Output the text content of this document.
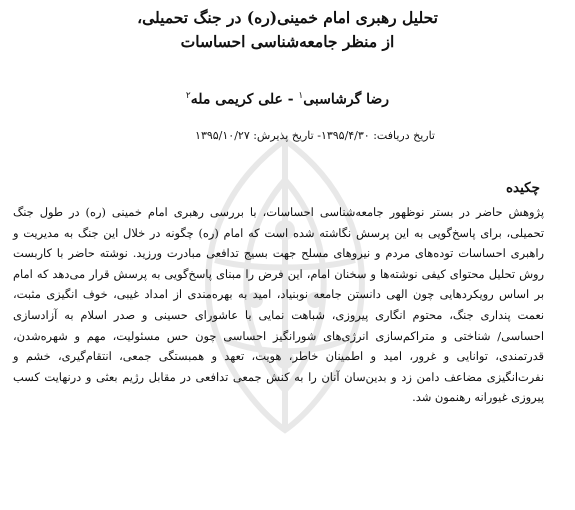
تحلیل رهبری امام خمینی(ره) در جنگ تحمیلی،
از منظر جامعه‌شناسی احساسات
رضا گرشاسبی$^۱$ - علی کریمی مله$^۲$
تاریخ دریافت: ۱۳۹۵/۴/۳۰- تاریخ پذیرش: ۱۳۹۵/۱۰/۲۷
چکیده
پژوهش حاضر در بستر نوظهور جامعه‌شناسی احساسات، با بررسی رهبری امام خمینی (ره) در طول جنگ تحمیلی، برای پاسخ‌گویی به این پرسش نگاشته شده است که امام (ره) چگونه در خلال این جنگ به مدیریت و راهبری احساسات توده‌های مردم و نیروهای مسلح جهت بسیج تدافعی مبادرت ورزید. نوشته حاضر با کاربست روش تحلیل محتوای کیفی نوشته‌ها و سخنان امام، این فرض را مبنای پاسخ‌گویی به پرسش قرار می‌دهد که امام بر اساس رویکردهایی چون الهی دانستن جامعه نوبنیاد، امید به بهره‌مندی از امداد غیبی، خوف انگیزی مثبت، نعمت پنداری جنگ، محتوم انگاری پیروزی، شباهت نمایی با عاشورای حسینی و صدر اسلام به آزادسازی احساسی/ شناختی و متراکم‌سازی انرژی‌های شورانگیز احساسی چون حس مسئولیت، مهم و شهره‌شدن، قدرتمندی، توانایی و غرور، امید و اطمینان خاطر، هویت، تعهد و همبستگی جمعی، انتقام‌گیری، خشم و نفرت‌انگیزی مضاعف دامن زد و بدین‌سان آنان را به کنش جمعی تدافعی در مقابل رژیم بعثی و درنهایت کسب پیروزی غیورانه رهنمون شد.
